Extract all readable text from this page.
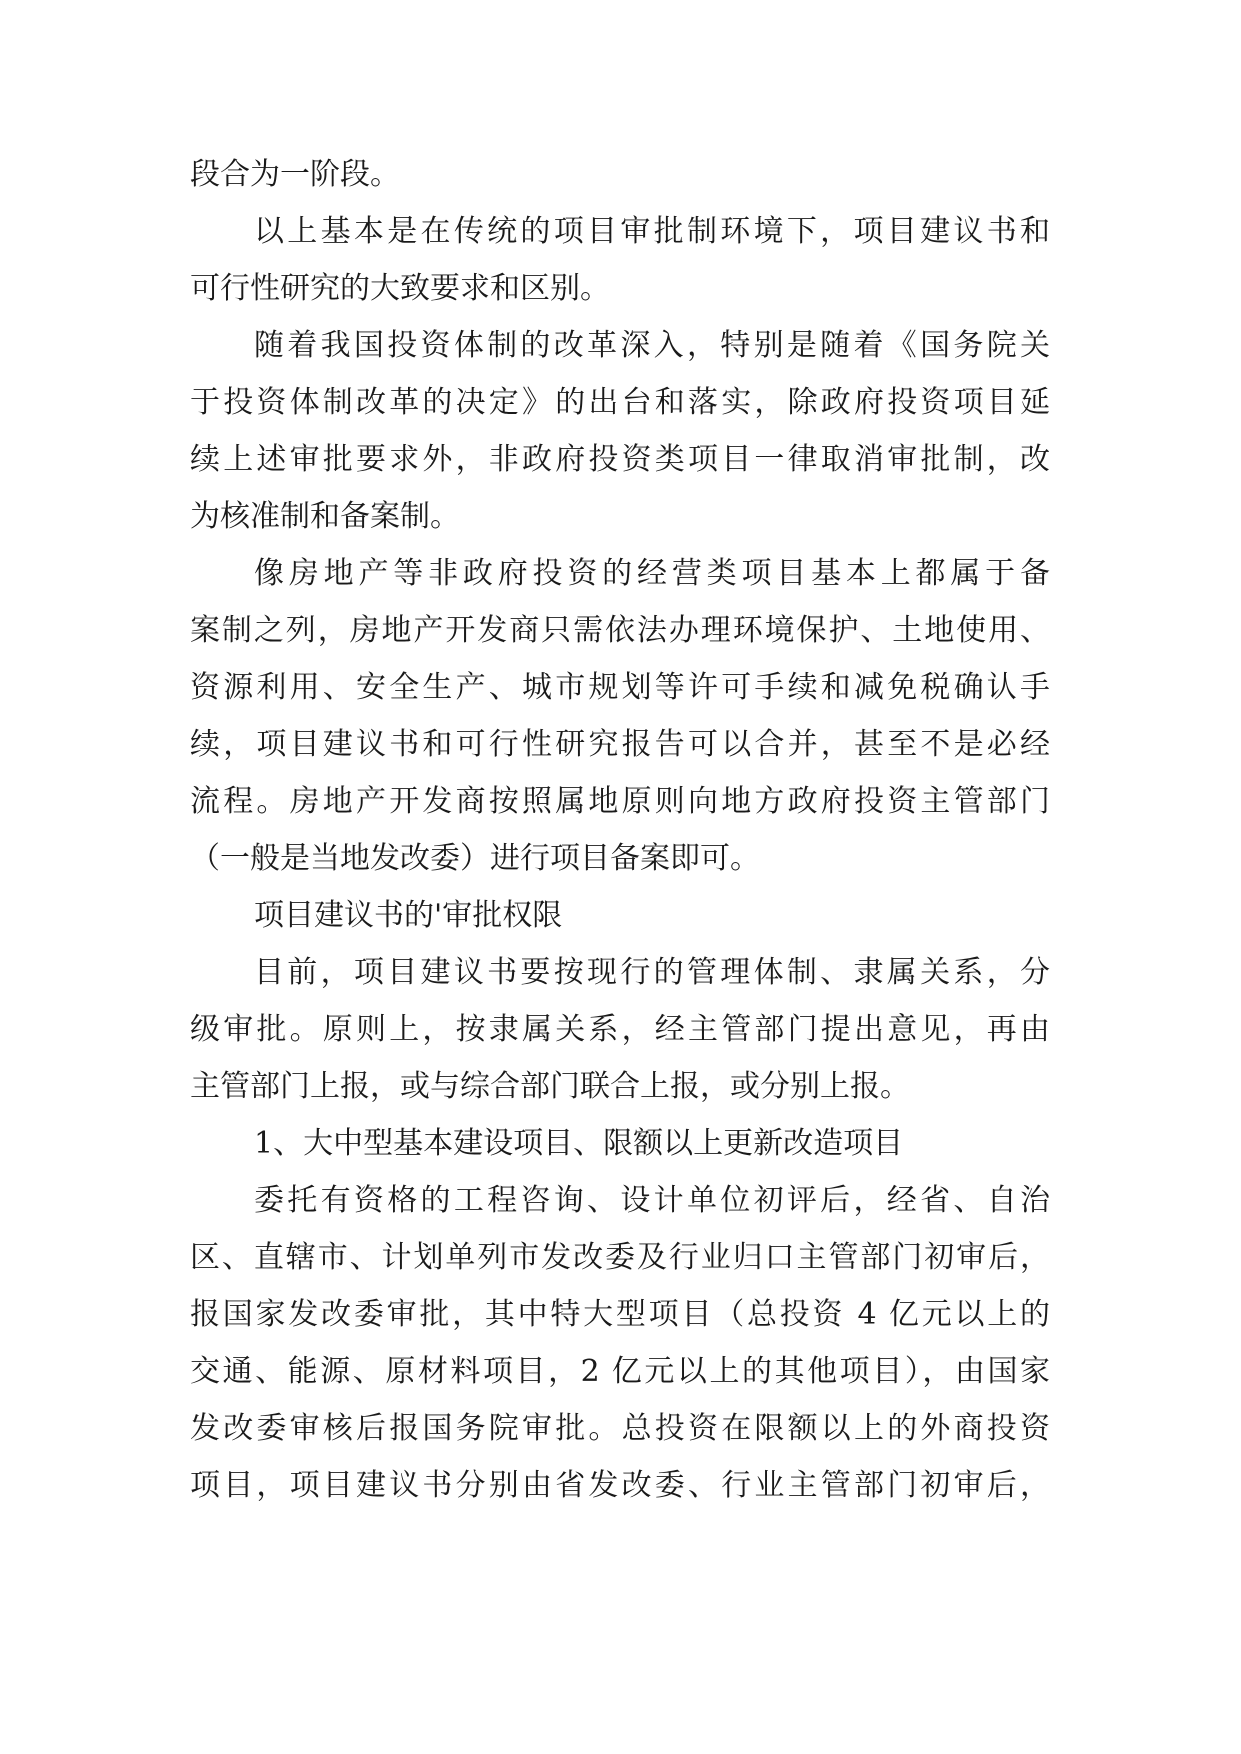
段合为一阶段。
以上基本是在传统的项目审批制环境下，项目建议书和
可行性研究的大致要求和区别。
随着我国投资体制的改革深入，特别是随着《国务院关
于投资体制改革的决定》的出台和落实，除政府投资项目延
续上述审批要求外，非政府投资类项目一律取消审批制，改
为核准制和备案制。
像房地产等非政府投资的经营类项目基本上都属于备
案制之列，房地产开发商只需依法办理环境保护、土地使用、
资源利用、安全生产、城市规划等许可手续和减免税确认手
续，项目建议书和可行性研究报告可以合并，甚至不是必经
流程。房地产开发商按照属地原则向地方政府投资主管部门
（一般是当地发改委）进行项目备案即可。
项目建议书的'审批权限
目前，项目建议书要按现行的管理体制、隶属关系，分
级审批。原则上，按隶属关系，经主管部门提出意见，再由
主管部门上报，或与综合部门联合上报，或分别上报。
1、大中型基本建设项目、限额以上更新改造项目
委托有资格的工程咨询、设计单位初评后，经省、自治
区、直辖市、计划单列市发改委及行业归口主管部门初审后，
报国家发改委审批，其中特大型项目（总投资 4 亿元以上的
交通、能源、原材料项目，2 亿元以上的其他项目），由国家
发改委审核后报国务院审批。总投资在限额以上的外商投资
项目，项目建议书分别由省发改委、行业主管部门初审后，
